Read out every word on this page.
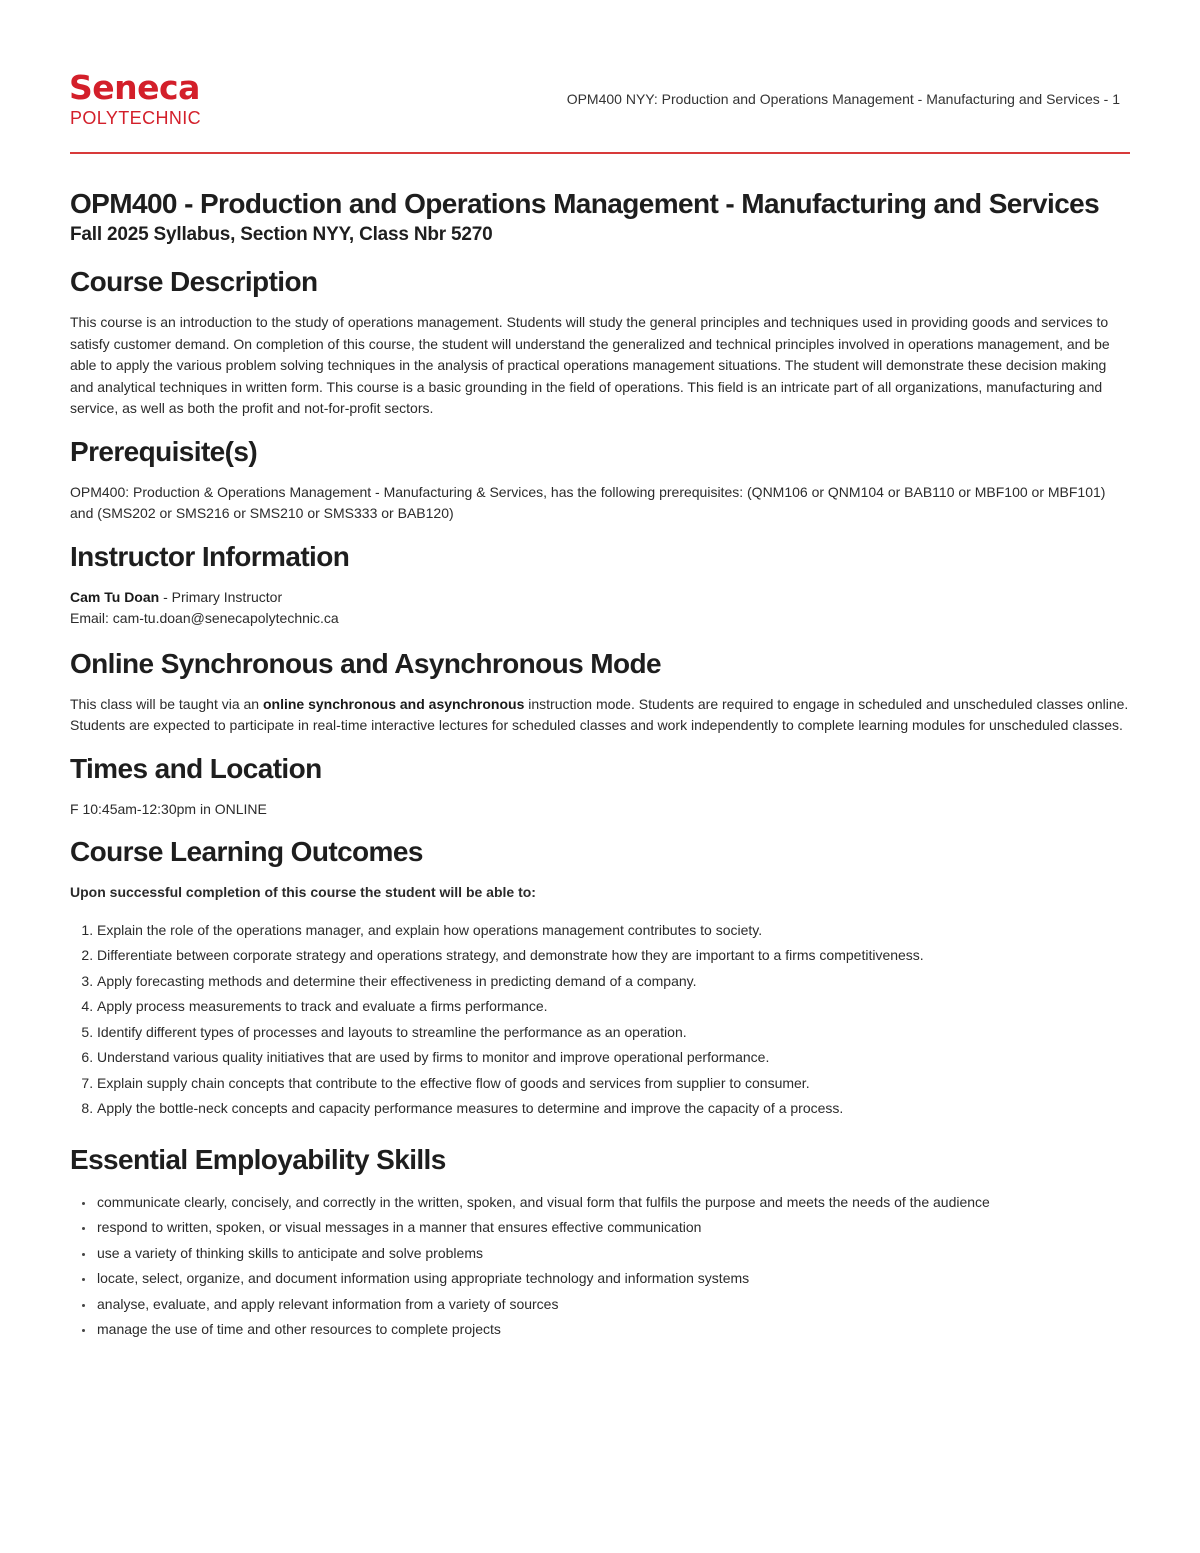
Seneca
POLYTECHNIC
OPM400 NYY: Production and Operations Management - Manufacturing and Services - 1
OPM400 - Production and Operations Management - Manufacturing and Services
Fall 2025 Syllabus, Section NYY, Class Nbr 5270
Course Description

This course is an introduction to the study of operations management. Students will study the general principles and techniques used in providing goods and services to satisfy customer demand. On completion of this course, the student will understand the generalized and technical principles involved in operations management, and be able to apply the various problem solving techniques in the analysis of practical operations management situations. The student will demonstrate these decision making and analytical techniques in written form. This course is a basic grounding in the field of operations. This field is an intricate part of all organizations, manufacturing and service, as well as both the profit and not-for-profit sectors.

Prerequisite(s)

OPM400: Production & Operations Management - Manufacturing & Services, has the following prerequisites: (QNM106 or QNM104 or BAB110 or MBF100 or MBF101) and (SMS202 or SMS216 or SMS210 or SMS333 or BAB120)

Instructor Information

Cam Tu Doan - Primary Instructor

Email: cam-tu.doan@senecapolytechnic.ca

Online Synchronous and Asynchronous Mode

This class will be taught via an online synchronous and asynchronous instruction mode. Students are required to engage in scheduled and unscheduled classes online. Students are expected to participate in real-time interactive lectures for scheduled classes and work independently to complete learning modules for unscheduled classes.

Times and Location

F 10:45am-12:30pm in ONLINE

Course Learning Outcomes

Upon successful completion of this course the student will be able to:

1. Explain the role of the operations manager, and explain how operations management contributes to society.
2. Differentiate between corporate strategy and operations strategy, and demonstrate how they are important to a firms competitiveness.
3. Apply forecasting methods and determine their effectiveness in predicting demand of a company.
4. Apply process measurements to track and evaluate a firms performance.
5. Identify different types of processes and layouts to streamline the performance as an operation.
6. Understand various quality initiatives that are used by firms to monitor and improve operational performance.
7. Explain supply chain concepts that contribute to the effective flow of goods and services from supplier to consumer.
8. Apply the bottle-neck concepts and capacity performance measures to determine and improve the capacity of a process.
Essential Employability Skills
communicate clearly, concisely, and correctly in the written, spoken, and visual form that fulfils the purpose and meets the needs of the audience
respond to written, spoken, or visual messages in a manner that ensures effective communication
use a variety of thinking skills to anticipate and solve problems
locate, select, organize, and document information using appropriate technology and information systems
analyse, evaluate, and apply relevant information from a variety of sources
manage the use of time and other resources to complete projects
